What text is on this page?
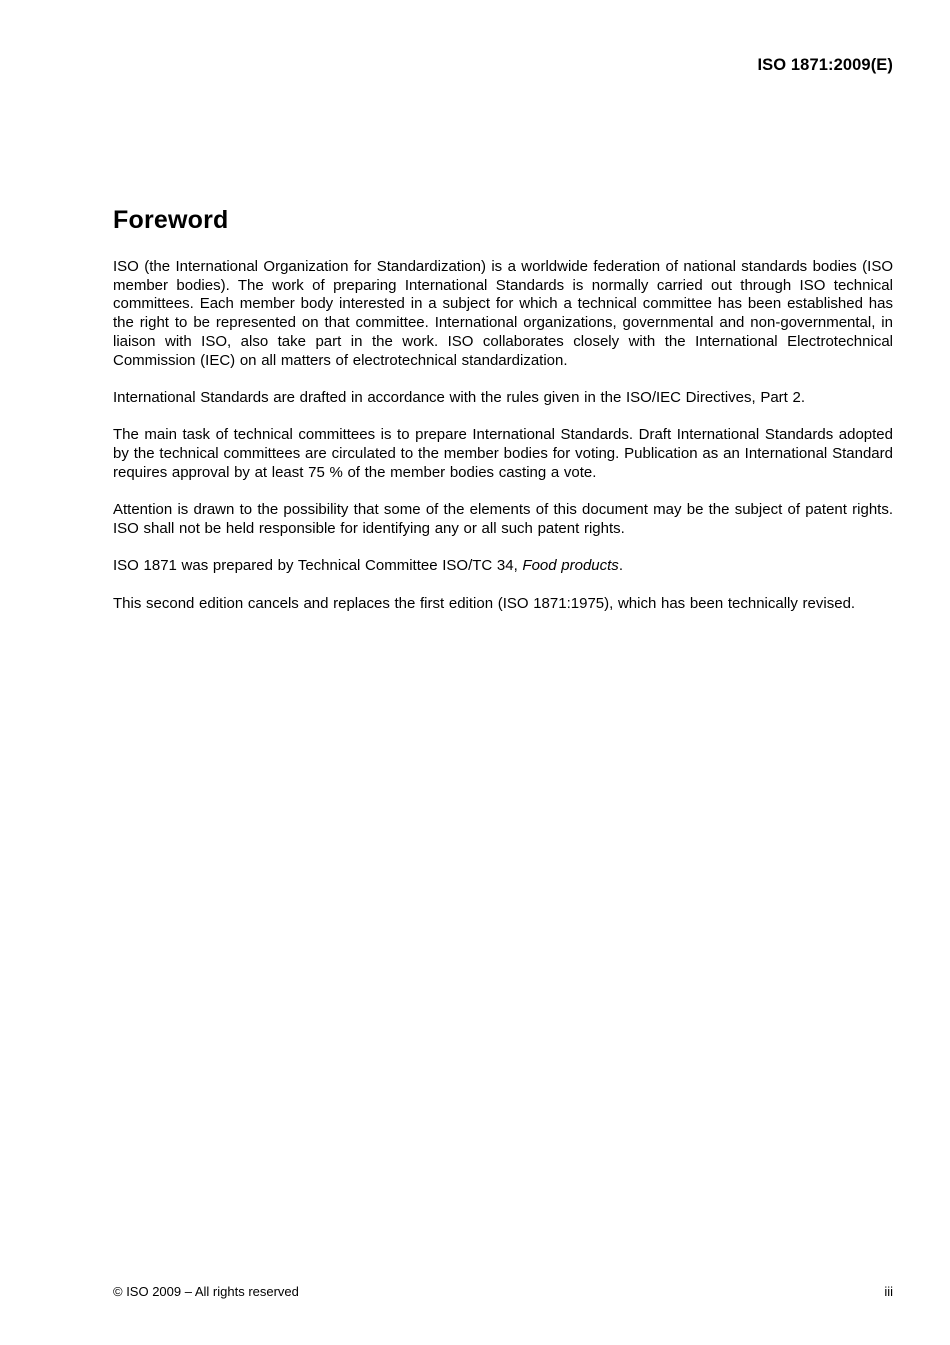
ISO 1871:2009(E)
Foreword

ISO (the International Organization for Standardization) is a worldwide federation of national standards bodies (ISO member bodies). The work of preparing International Standards is normally carried out through ISO technical committees. Each member body interested in a subject for which a technical committee has been established has the right to be represented on that committee. International organizations, governmental and non-governmental, in liaison with ISO, also take part in the work. ISO collaborates closely with the International Electrotechnical Commission (IEC) on all matters of electrotechnical standardization.

International Standards are drafted in accordance with the rules given in the ISO/IEC Directives, Part 2.

The main task of technical committees is to prepare International Standards. Draft International Standards adopted by the technical committees are circulated to the member bodies for voting. Publication as an International Standard requires approval by at least 75 % of the member bodies casting a vote.

Attention is drawn to the possibility that some of the elements of this document may be the subject of patent rights. ISO shall not be held responsible for identifying any or all such patent rights.

ISO 1871 was prepared by Technical Committee ISO/TC 34, Food products.

This second edition cancels and replaces the first edition (ISO 1871:1975), which has been technically revised.

© ISO 2009 – All rights reserved	iii
